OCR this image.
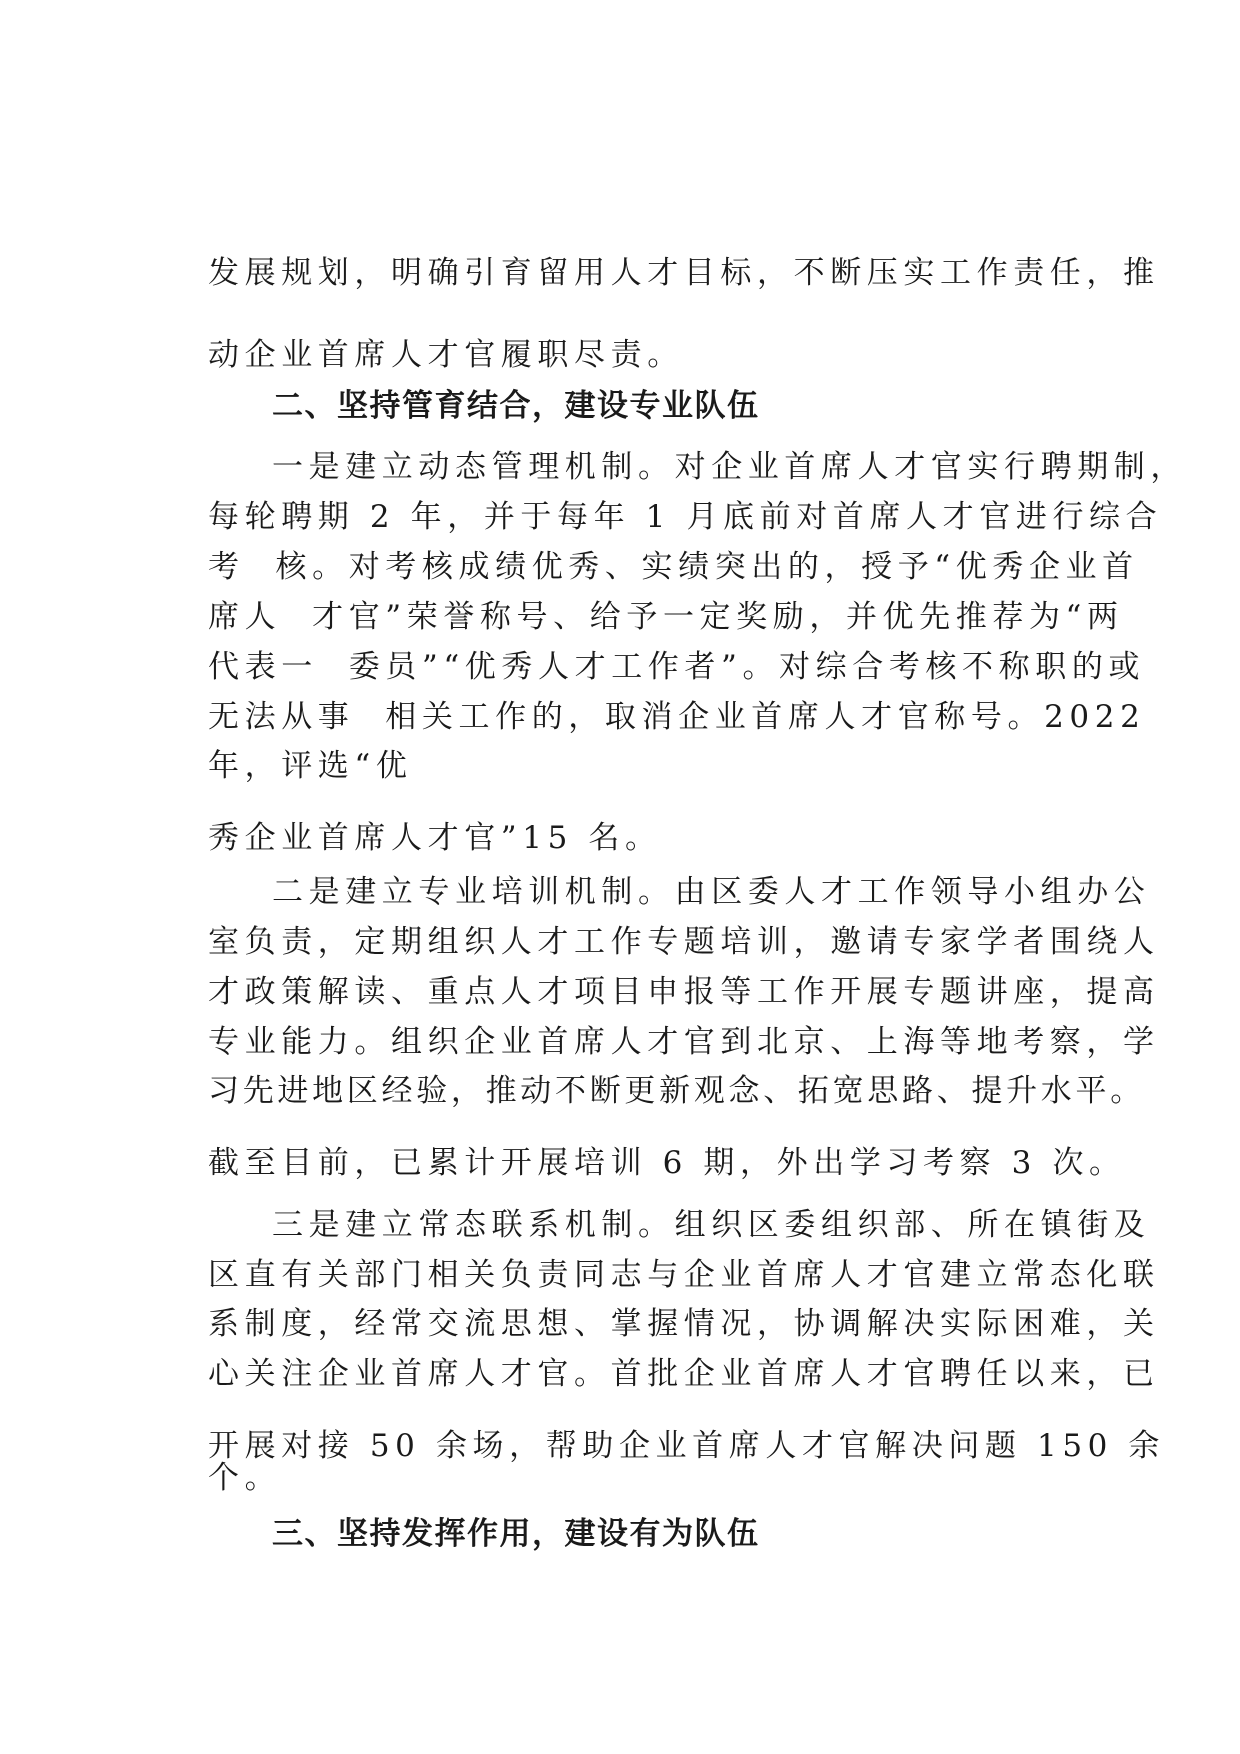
发展规划，明确引育留用人才目标，不断压实工作责任，推
动企业首席人才官履职尽责。
二、坚持管育结合，建设专业队伍
一是建立动态管理机制。对企业首席人才官实行聘期制，
每轮聘期 2 年，并于每年 1 月底前对首席人才官进行综合
考  核。对考核成绩优秀、实绩突出的，授予“优秀企业首
席人  才官”荣誉称号、给予一定奖励，并优先推荐为“两
代表一  委员”“优秀人才工作者”。对综合考核不称职的或
无法从事  相关工作的，取消企业首席人才官称号。2022
年，评选“优
秀企业首席人才官”15 名。
二是建立专业培训机制。由区委人才工作领导小组办公
室负责，定期组织人才工作专题培训，邀请专家学者围绕人
才政策解读、重点人才项目申报等工作开展专题讲座，提高
专业能力。组织企业首席人才官到北京、上海等地考察，学
习先进地区经验，推动不断更新观念、拓宽思路、提升水平。
截至目前，已累计开展培训 6 期，外出学习考察 3 次。
三是建立常态联系机制。组织区委组织部、所在镇街及
区直有关部门相关负责同志与企业首席人才官建立常态化联
系制度，经常交流思想、掌握情况，协调解决实际困难，关
心关注企业首席人才官。首批企业首席人才官聘任以来，已
开展对接 50 余场，帮助企业首席人才官解决问题 150 余
个。
三、坚持发挥作用，建设有为队伍
